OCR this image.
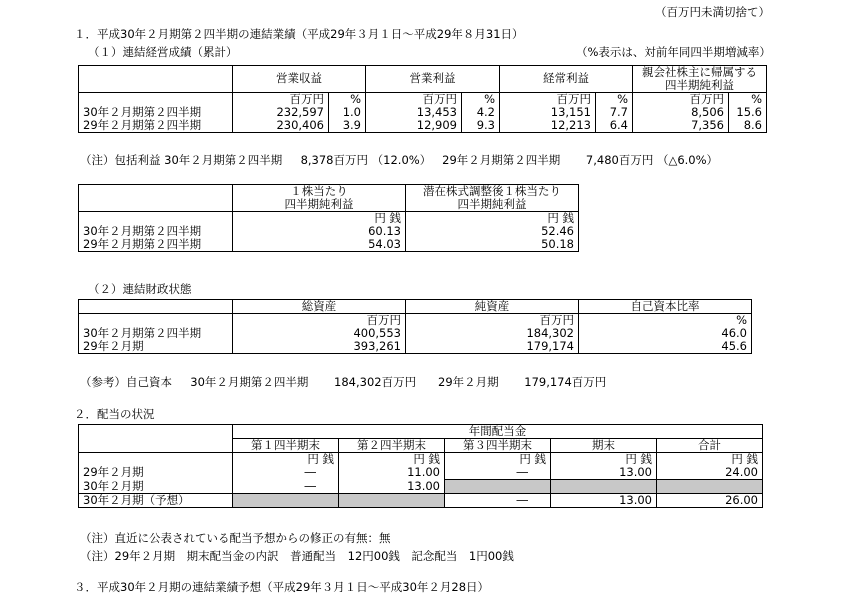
（百万円未満切捨て）
１．平成30年２月期第２四半期の連結業績（平成29年３月１日～平成29年８月31日）
（１）連結経営成績（累計）	（%表示は、対前年同四半期増減率）
							親会社株主に帰属する	
	営業収益		営業利益		経常利益		四半期純利益	
	百万円	%	百万円	%	百万円	%	百万円	%
30年２月期第２四半期	232,597	1.0	13,453	4.2	13,151	7.7	8,506	15.6
29年２月期第２四半期	230,406	3.9	12,909	9.3	12,213	6.4	7,356	8.6
（注）包括利益 30年２月期第２四半期 8,378百万円 （12.0%） 29年２月期第２四半期 7,480百万円 （△6.0%）
	１株当たり	潜在株式調整後１株当たり
	四半期純利益	四半期純利益
	円 銭	円 銭
30年２月期第２四半期	60.13	52.46
29年２月期第２四半期	54.03	50.18
（２）連結財政状態
	総資産	純資産	自己資本比率
	百万円	百万円	%
30年２月期第２四半期	400,553	184,302	46.0
29年２月期	393,261	179,174	45.6
（参考）自己資本 30年２月期第２四半期 184,302百万円 29年２月期 179,174百万円
２．配当の状況
	年間配当金				
	第１四半期末	第２四半期末	第３四半期末	期末	合計
	円 銭	円 銭	円 銭	円 銭	円 銭
29年２月期	―	11.00	―	13.00	24.00
30年２月期	―	13.00			
30年２月期（予想）			―	13.00	26.00
（注）直近に公表されている配当予想からの修正の有無：無
（注）29年２月期　期末配当金の内訳　普通配当　12円00銭　記念配当　1円00銭
３．平成30年２月期の連結業績予想（平成29年３月１日～平成30年２月28日）
